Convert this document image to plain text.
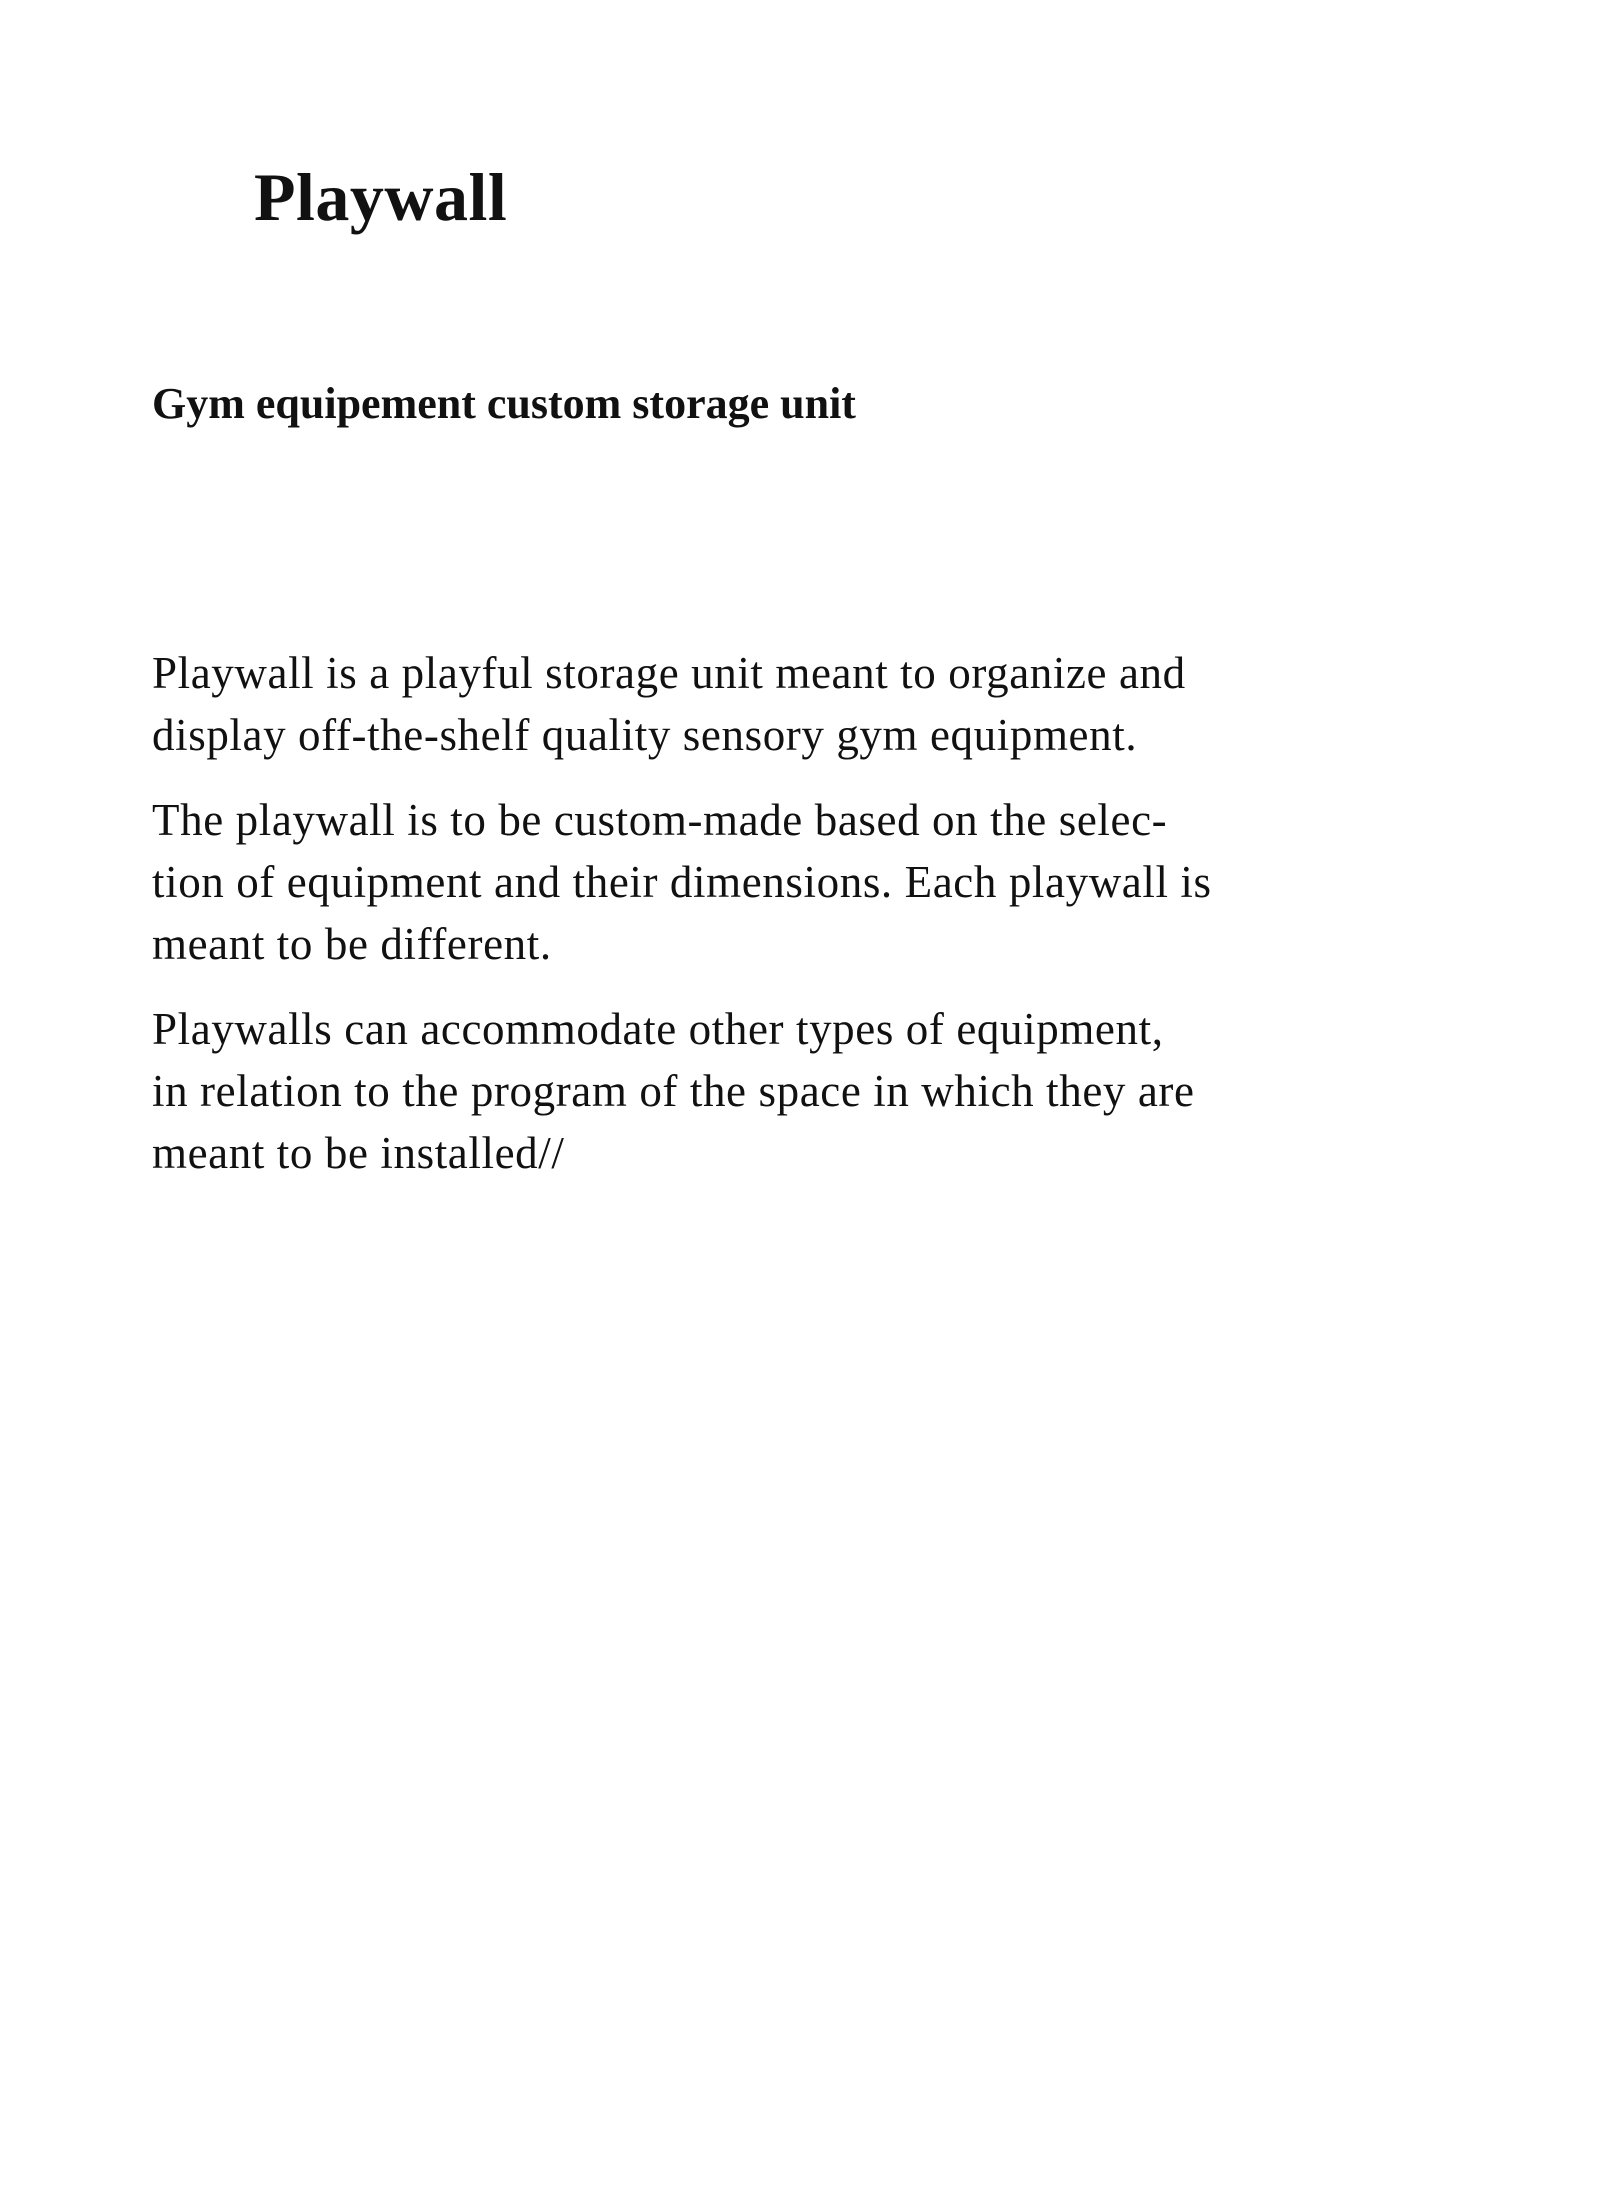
Playwall
Gym equipement custom storage unit

Playwall is a playful storage unit meant to organize and
display off-the-shelf quality sensory gym equipment.

The playwall is to be custom-made based on the selec-
tion of equipment and their dimensions. Each playwall is
meant to be different.

Playwalls can accommodate other types of equipment,
in relation to the program of the space in which they are
meant to be installed//
